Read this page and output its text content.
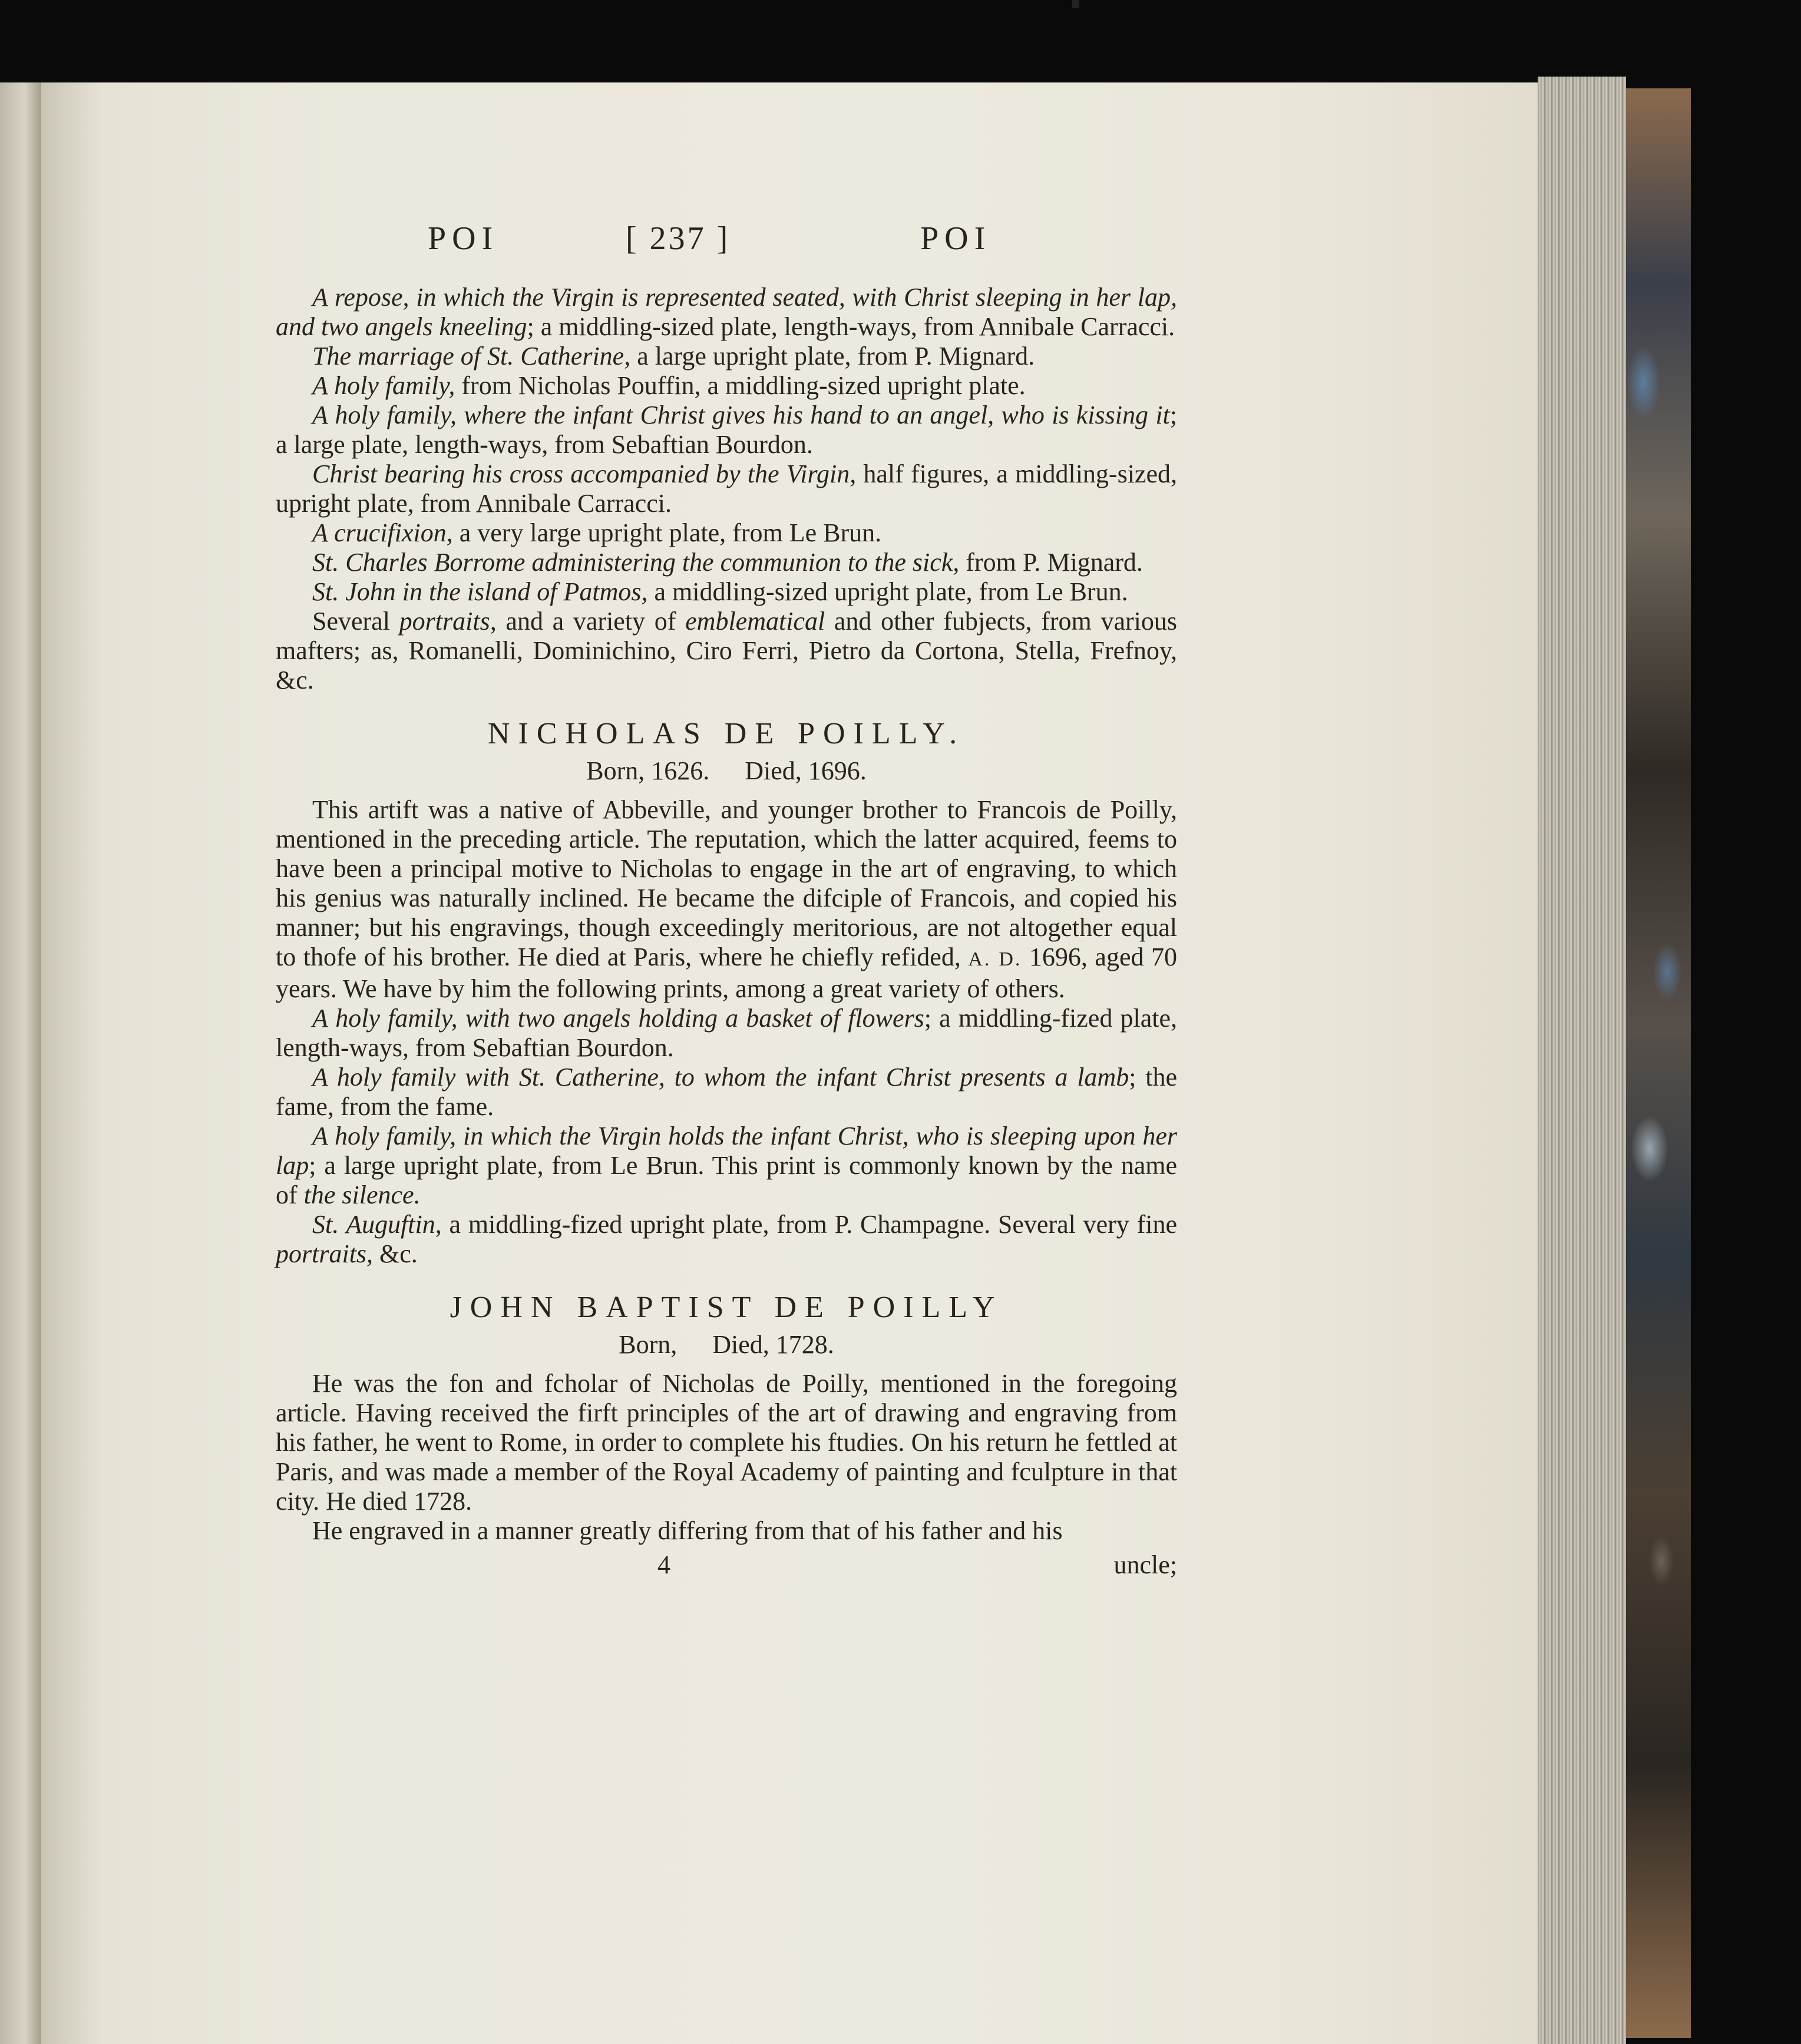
POI	[ 237 ]	POI

A repose, in which the Virgin is represented seated, with Christ sleeping in her lap, and two angels kneeling; a middling-sized plate, length-ways, from Annibale Carracci.

The marriage of St. Catherine, a large upright plate, from P. Mignard.

A holy family, from Nicholas Pouffin, a middling-sized upright plate.

A holy family, where the infant Christ gives his hand to an angel, who is kissing it; a large plate, length-ways, from Sebaftian Bourdon.

Christ bearing his cross accompanied by the Virgin, half figures, a middling-sized, upright plate, from Annibale Carracci.

A crucifixion, a very large upright plate, from Le Brun.

St. Charles Borrome administering the communion to the sick, from P. Mignard.

St. John in the island of Patmos, a middling-sized upright plate, from Le Brun.

Several portraits, and a variety of emblematical and other fubjects, from various mafters; as, Romanelli, Dominichino, Ciro Ferri, Pietro da Cortona, Stella, Frefnoy, &c.

NICHOLAS DE POILLY.
Born, 1626. Died, 1696.

This artift was a native of Abbeville, and younger brother to Francois de Poilly, mentioned in the preceding article. The reputation, which the latter acquired, feems to have been a principal motive to Nicholas to engage in the art of engraving, to which his genius was naturally inclined. He became the difciple of Francois, and copied his manner; but his engravings, though exceedingly meritorious, are not altogether equal to thofe of his brother. He died at Paris, where he chiefly refided, A. D. 1696, aged 70 years. We have by him the following prints, among a great variety of others.

A holy family, with two angels holding a basket of flowers; a middling-fized plate, length-ways, from Sebaftian Bourdon.

A holy family with St. Catherine, to whom the infant Christ presents a lamb; the fame, from the fame.

A holy family, in which the Virgin holds the infant Christ, who is sleeping upon her lap; a large upright plate, from Le Brun. This print is commonly known by the name of the silence.

St. Auguftin, a middling-fized upright plate, from P. Champagne. Several very fine portraits, &c.

JOHN BAPTIST DE POILLY
Born, Died, 1728.

He was the fon and fcholar of Nicholas de Poilly, mentioned in the foregoing article. Having received the firft principles of the art of drawing and engraving from his father, he went to Rome, in order to complete his ftudies. On his return he fettled at Paris, and was made a member of the Royal Academy of painting and fculpture in that city. He died 1728.

He engraved in a manner greatly differing from that of his father and his

4	uncle;
